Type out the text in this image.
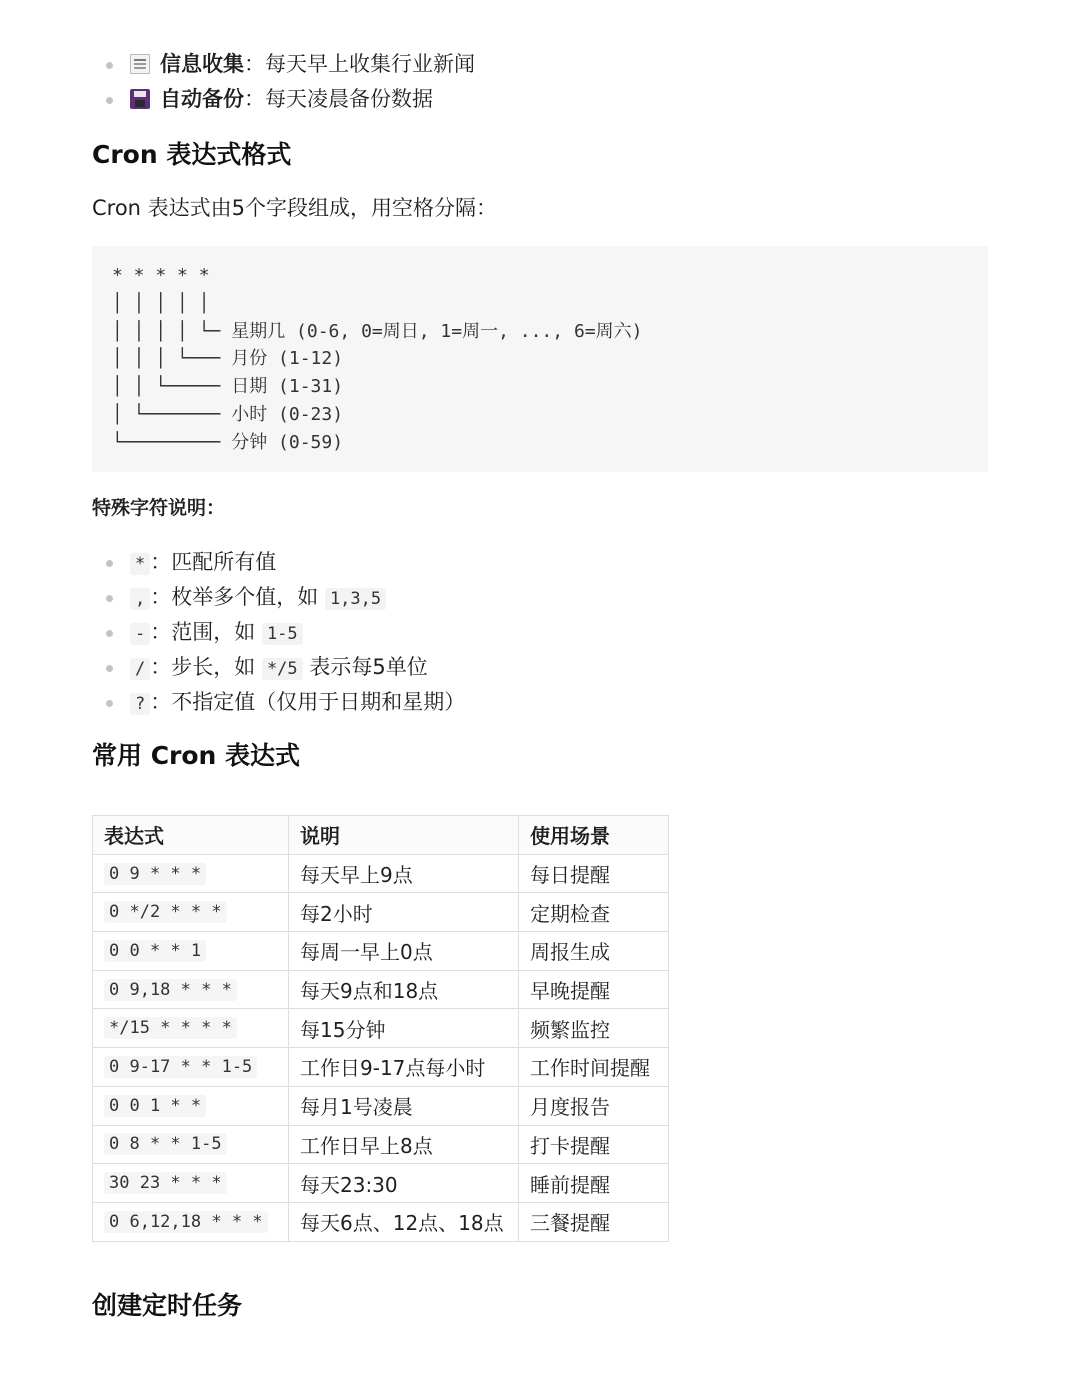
信息收集：每天早上收集行业新闻
自动备份：每天凌晨备份数据
Cron 表达式格式
Cron 表达式由5个字段组成，用空格分隔：
* * * * *
│ │ │ │ │
│ │ │ │ └─ 星期几 (0-6, 0=周日, 1=周一, ..., 6=周六)
│ │ │ └─── 月份 (1-12)
│ │ └───── 日期 (1-31)
│ └─────── 小时 (0-23)
└───────── 分钟 (0-59)
特殊字符说明：
* ：匹配所有值
, ：枚举多个值，如 1,3,5
- ：范围，如 1-5
/ ：步长，如 */5 表示每5单位
? ：不指定值（仅用于日期和星期）
常用 Cron 表达式
表达式	说明	使用场景
0 9 * * *	每天早上9点	每日提醒
0 */2 * * *	每2小时	定期检查
0 0 * * 1	每周一早上0点	周报生成
0 9,18 * * *	每天9点和18点	早晚提醒
*/15 * * * *	每15分钟	频繁监控
0 9-17 * * 1-5	工作日9-17点每小时	工作时间提醒
0 0 1 * *	每月1号凌晨	月度报告
0 8 * * 1-5	工作日早上8点	打卡提醒
30 23 * * *	每天23:30	睡前提醒
0 6,12,18 * * *	每天6点、12点、18点	三餐提醒
创建定时任务
